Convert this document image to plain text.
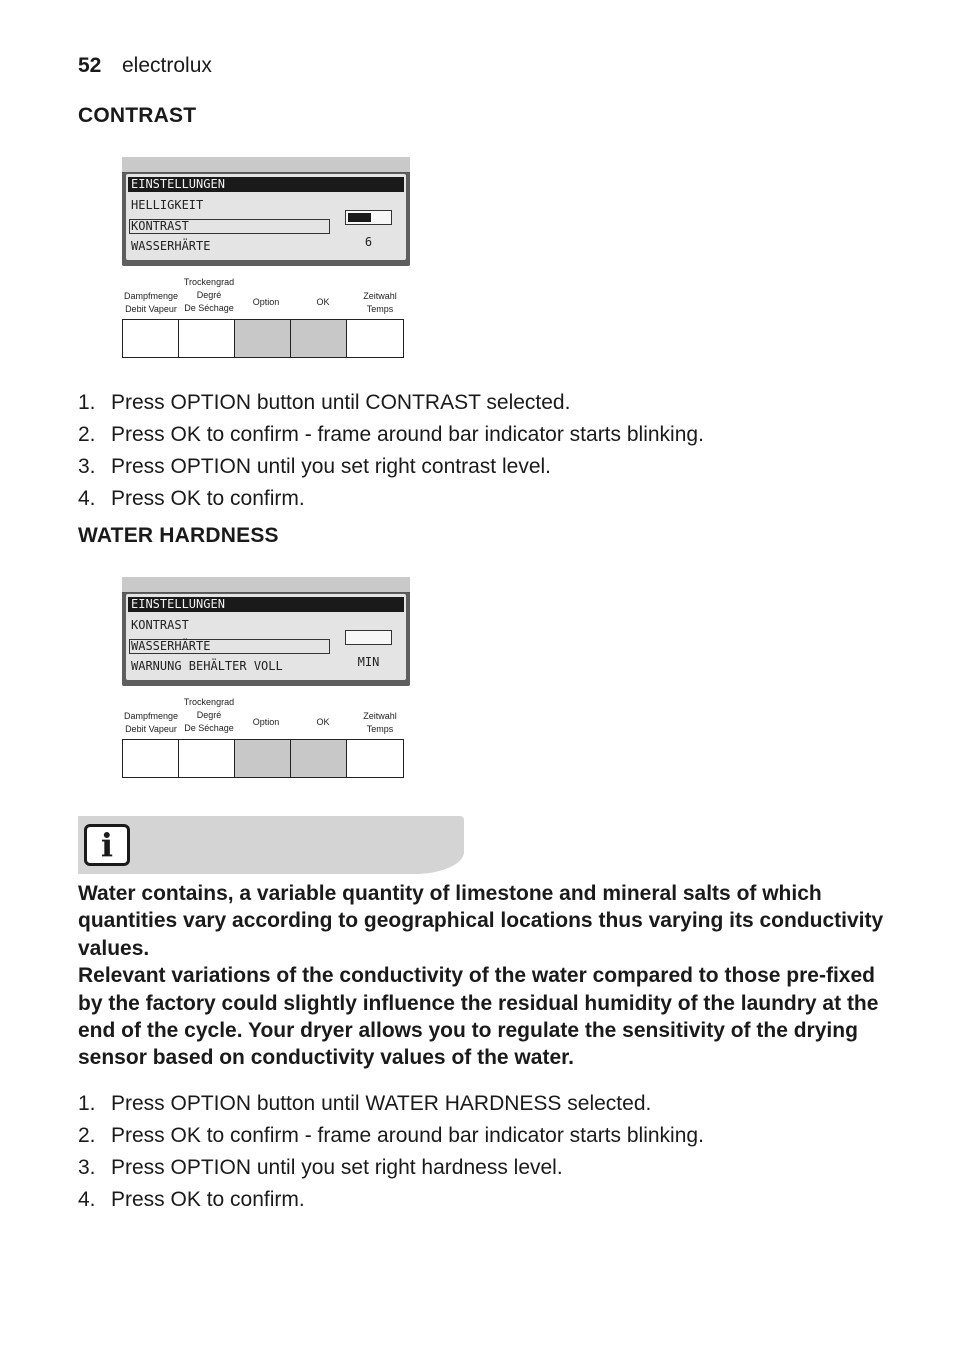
52 electrolux
CONTRAST
EINSTELLUNGEN
HELLIGKEIT
KONTRAST
WASSERHÄRTE	6
Dampfmenge
Debit Vapeur
Trockengrad
Degré
De Séchage
Option	OK
Zeitwahl
Temps
1. Press OPTION button until CONTRAST selected.
2. Press OK to confirm - frame around bar indicator starts blinking.
3. Press OPTION until you set right contrast level.
4. Press OK to confirm.
WATER HARDNESS
EINSTELLUNGEN
KONTRAST
WASSERHÄRTE
WARNUNG BEHÄLTER VOLL	MIN
Dampfmenge
Debit Vapeur
Trockengrad
Degré
De Séchage
Option	OK
Zeitwahl
Temps
i

Water contains, a variable quantity of limestone and mineral salts of which quantities vary according to geographical locations thus varying its conductivity values.

Relevant variations of the conductivity of the water compared to those pre-fixed by the factory could slightly influence the residual humidity of the laundry at the end of the cycle. Your dryer allows you to regulate the sensitivity of the drying sensor based on conductivity values of the water.

1. Press OPTION button until WATER HARDNESS selected.
2. Press OK to confirm - frame around bar indicator starts blinking.
3. Press OPTION until you set right hardness level.
4. Press OK to confirm.
